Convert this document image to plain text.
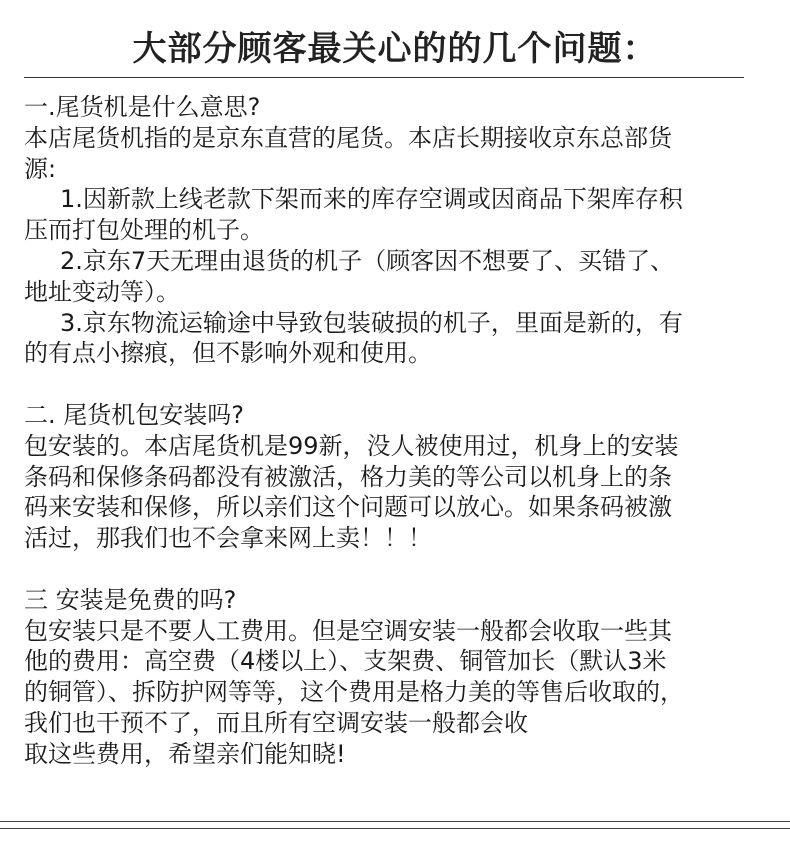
大部分顾客最关心的的几个问题：
一.尾货机是什么意思?
本店尾货机指的是京东直营的尾货。本店长期接收京东总部货
源:
1.因新款上线老款下架而来的库存空调或因商品下架库存积
压而打包处理的机子。
2.京东7天无理由退货的机子（顾客因不想要了、买错了、
地址变动等）。
3.京东物流运输途中导致包装破损的机子，里面是新的，有
的有点小擦痕，但不影响外观和使用。
二. 尾货机包安装吗?
包安装的。本店尾货机是99新，没人被使用过，机身上的安装
条码和保修条码都没有被激活，格力美的等公司以机身上的条
码来安装和保修，所以亲们这个问题可以放心。如果条码被激
活过，那我们也不会拿来网上卖！！！
三 安装是免费的吗?
包安装只是不要人工费用。但是空调安装一般都会收取一些其
他的费用：高空费（4楼以上）、支架费、铜管加长（默认3米
的铜管）、拆防护网等等，这个费用是格力美的等售后收取的，
我们也干预不了，而且所有空调安装一般都会收
取这些费用，希望亲们能知晓!
